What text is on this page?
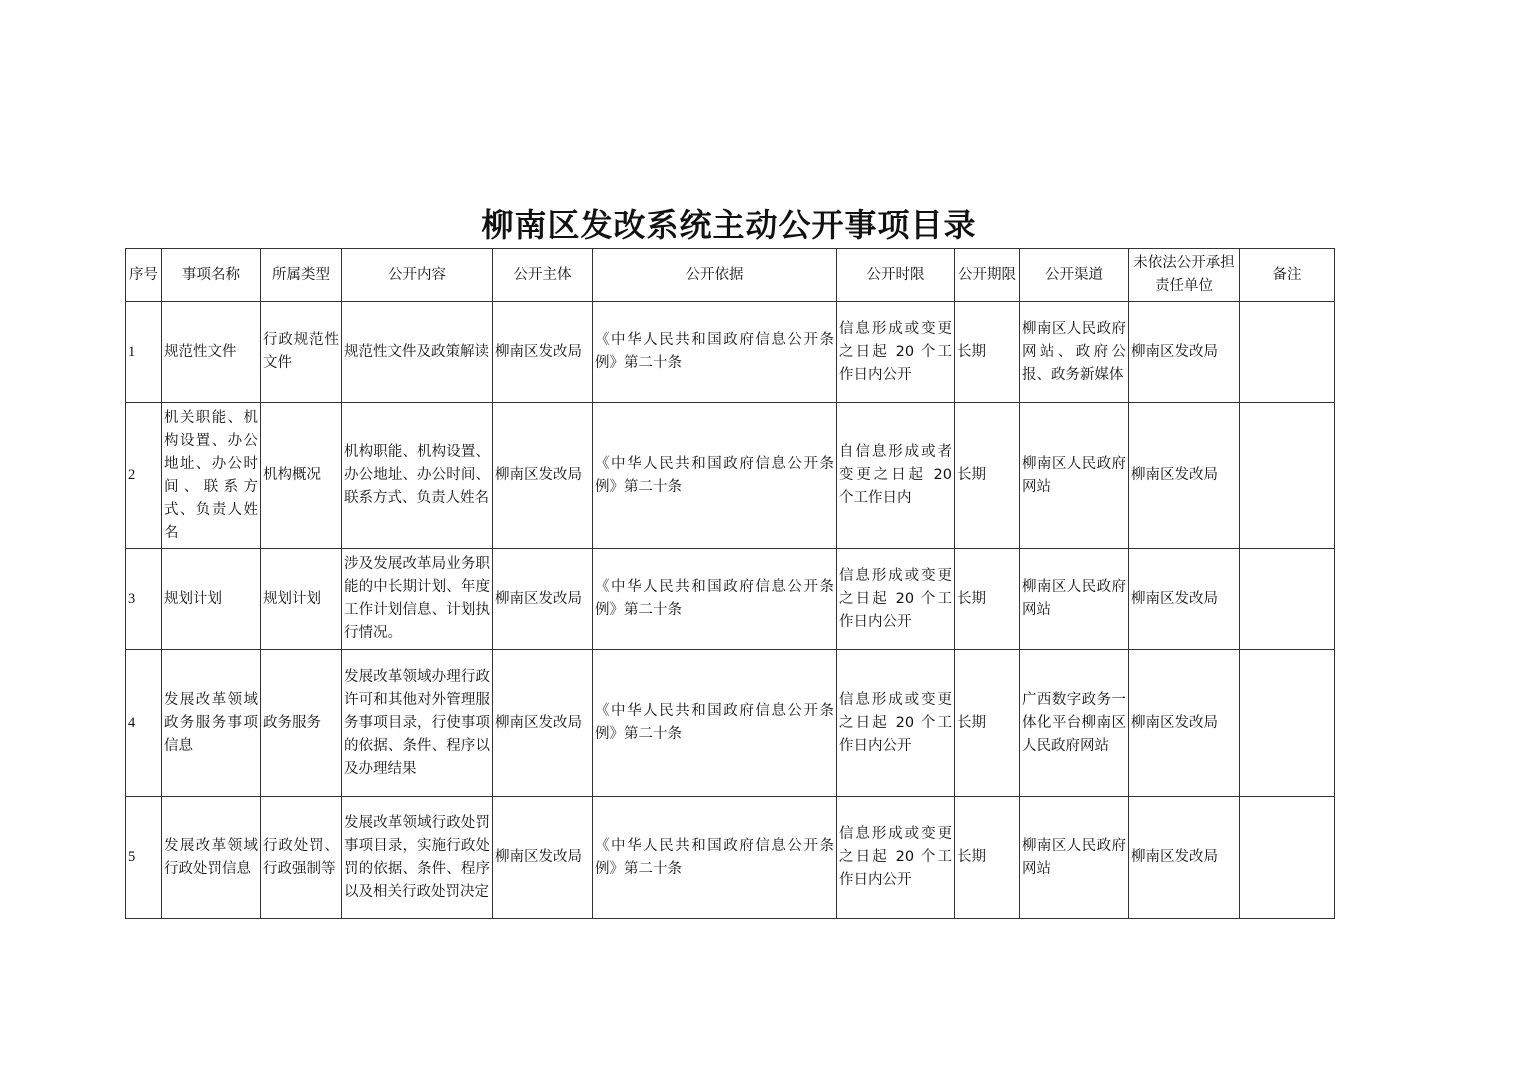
柳南区发改系统主动公开事项目录
序号	事项名称	所属类型	公开内容	公开主体	公开依据	公开时限	公开期限	公开渠道	未依法公开承担责任单位	备注
1	规范性文件	行政规范性文件	规范性文件及政策解读	柳南区发改局	《中华人民共和国政府信息公开条例》第二十条	信息形成或变更之日起 20 个工作日内公开	长期	柳南区人民政府网站、政府公报、政务新媒体	柳南区发改局	
2	机关职能、机构设置、办公地址、办公时间、联系方式、负责人姓名	机构概况	机构职能、机构设置、办公地址、办公时间、联系方式、负责人姓名	柳南区发改局	《中华人民共和国政府信息公开条例》第二十条	自信息形成或者变更之日起 20 个工作日内	长期	柳南区人民政府网站	柳南区发改局	
3	规划计划	规划计划	涉及发展改革局业务职能的中长期计划、年度工作计划信息、计划执行情况。	柳南区发改局	《中华人民共和国政府信息公开条例》第二十条	信息形成或变更之日起 20 个工作日内公开	长期	柳南区人民政府网站	柳南区发改局	
4	发展改革领域政务服务事项信息	政务服务	发展改革领域办理行政许可和其他对外管理服务事项目录，行使事项的依据、条件、程序以及办理结果	柳南区发改局	《中华人民共和国政府信息公开条例》第二十条	信息形成或变更之日起 20 个工作日内公开	长期	广西数字政务一体化平台柳南区人民政府网站	柳南区发改局	
5	发展改革领域行政处罚信息	行政处罚、行政强制等	发展改革领域行政处罚事项目录，实施行政处罚的依据、条件、程序以及相关行政处罚决定	柳南区发改局	《中华人民共和国政府信息公开条例》第二十条	信息形成或变更之日起 20 个工作日内公开	长期	柳南区人民政府网站	柳南区发改局	
